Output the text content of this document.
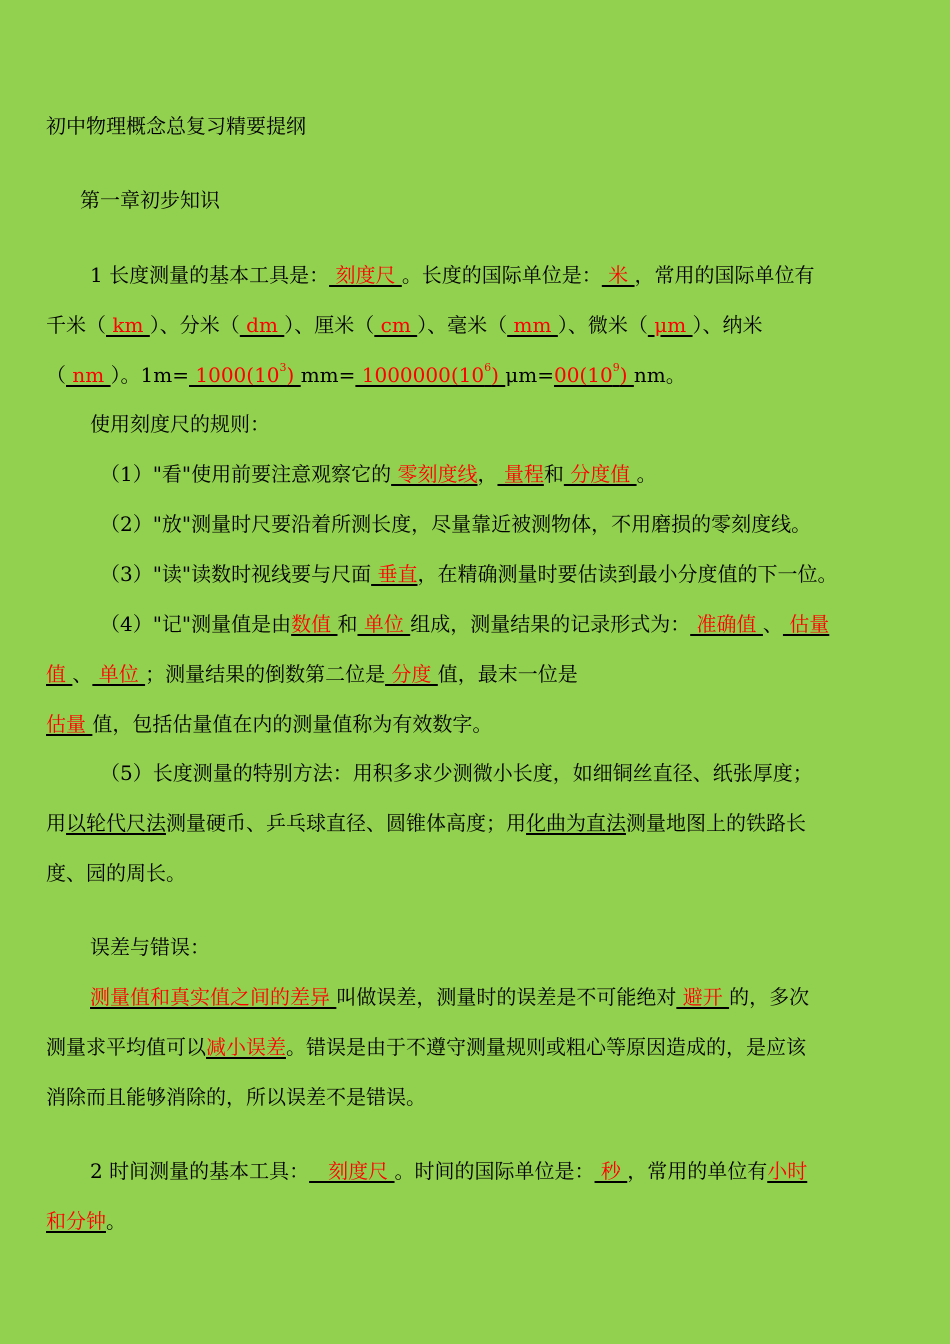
初中物理概念总复习精要提纲
第一章初步知识
1 长度测量的基本工具是： 刻度尺 。长度的国际单位是： 米 ，常用的国际单位有
千米（ km ）、分米（ dm ）、厘米（ cm ）、毫米（ mm ）、微米（ μm ）、纳米
（ nm ）。$1m= 1000(10^3)$ $mm= 1000000(10^6)$ $\mu m=00(10^9)$ nm。
使用刻度尺的规则：
（1）"看"使用前要注意观察它的 零刻度线， 量程和 分度值 。
（2）"放"测量时尺要沿着所测长度，尽量靠近被测物体，不用磨损的零刻度线。
（3）"读"读数时视线要与尺面 垂直，在精确测量时要估读到最小分度值的下一位。
（4）"记"测量值是由数值 和 单位 组成，测量结果的记录形式为： 准确值 、 估量
值 、 单位 ；测量结果的倒数第二位是 分度 值，最末一位是
估量 值，包括估量值在内的测量值称为有效数字。
（5）长度测量的特别方法：用积多求少测微小长度，如细铜丝直径、纸张厚度；
用以轮代尺法测量硬币、乒乓球直径、圆锥体高度；用化曲为直法测量地图上的铁路长
度、园的周长。
误差与错误：
测量值和真实值之间的差异 叫做误差，测量时的误差是不可能绝对 避开 的，多次
测量求平均值可以减小误差。错误是由于不遵守测量规则或粗心等原因造成的，是应该
消除而且能够消除的，所以误差不是错误。
2 时间测量的基本工具：   刻度尺 。时间的国际单位是： 秒 ，常用的单位有小时
和分钟。
